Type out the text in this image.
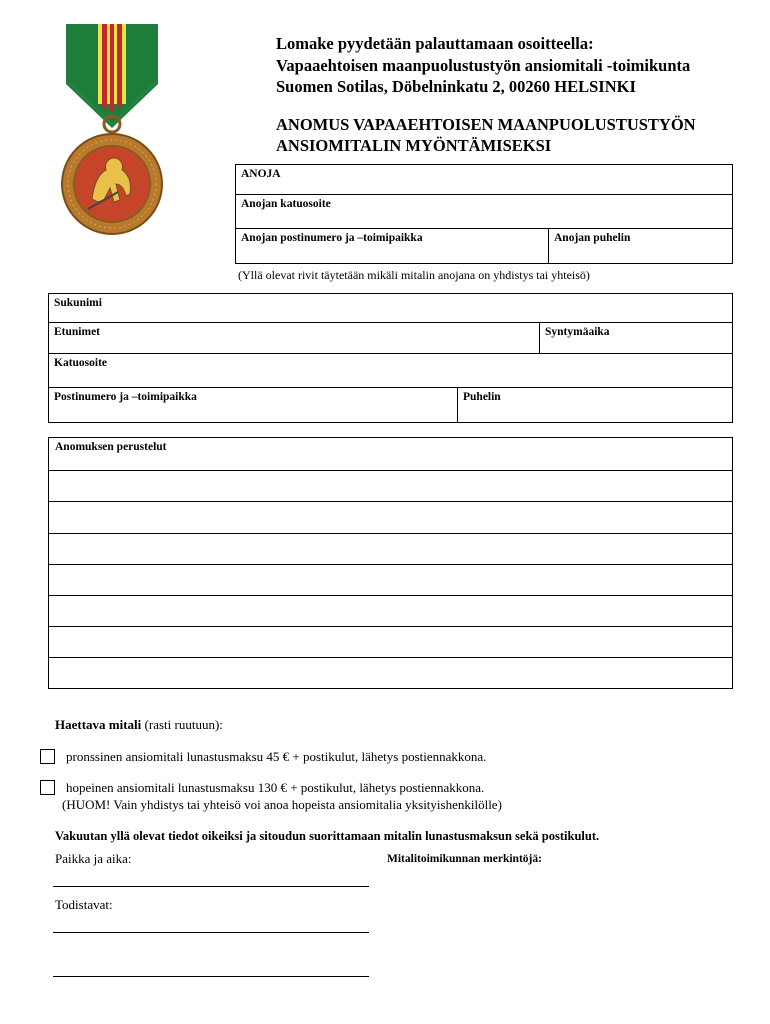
Lomake pyydetään palauttamaan osoitteella:
Vapaaehtoisen maanpuolustustyön ansiomitali -toimikunta
Suomen Sotilas, Döbelninkatu 2, 00260 HELSINKI
ANOMUS VAPAAEHTOISEN MAANPUOLUSTUSTYÖN
ANSIOMITALIN MYÖNTÄMISEKSI
ANOJA
Anojan katuosoite
Anojan postinumero ja –toimipaikka	Anojan puhelin
(Yllä olevat rivit täytetään mikäli mitalin anojana on yhdistys tai yhteisö)
Sukunimi
Etunimet	Syntymäaika
Katuosoite
Postinumero ja –toimipaikka	Puhelin
Anomuksen perustelut
Haettava mitali (rasti ruutuun):
pronssinen ansiomitali lunastusmaksu 45 € + postikulut, lähetys postiennakkona.
hopeinen ansiomitali lunastusmaksu 130 € + postikulut, lähetys postiennakkona.
(HUOM! Vain yhdistys tai yhteisö voi anoa hopeista ansiomitalia yksityishenkilölle)
Vakuutan yllä olevat tiedot oikeiksi ja sitoudun suorittamaan mitalin lunastusmaksun sekä postikulut.
Paikka ja aika:	Mitalitoimikunnan merkintöjä:
Todistavat:
